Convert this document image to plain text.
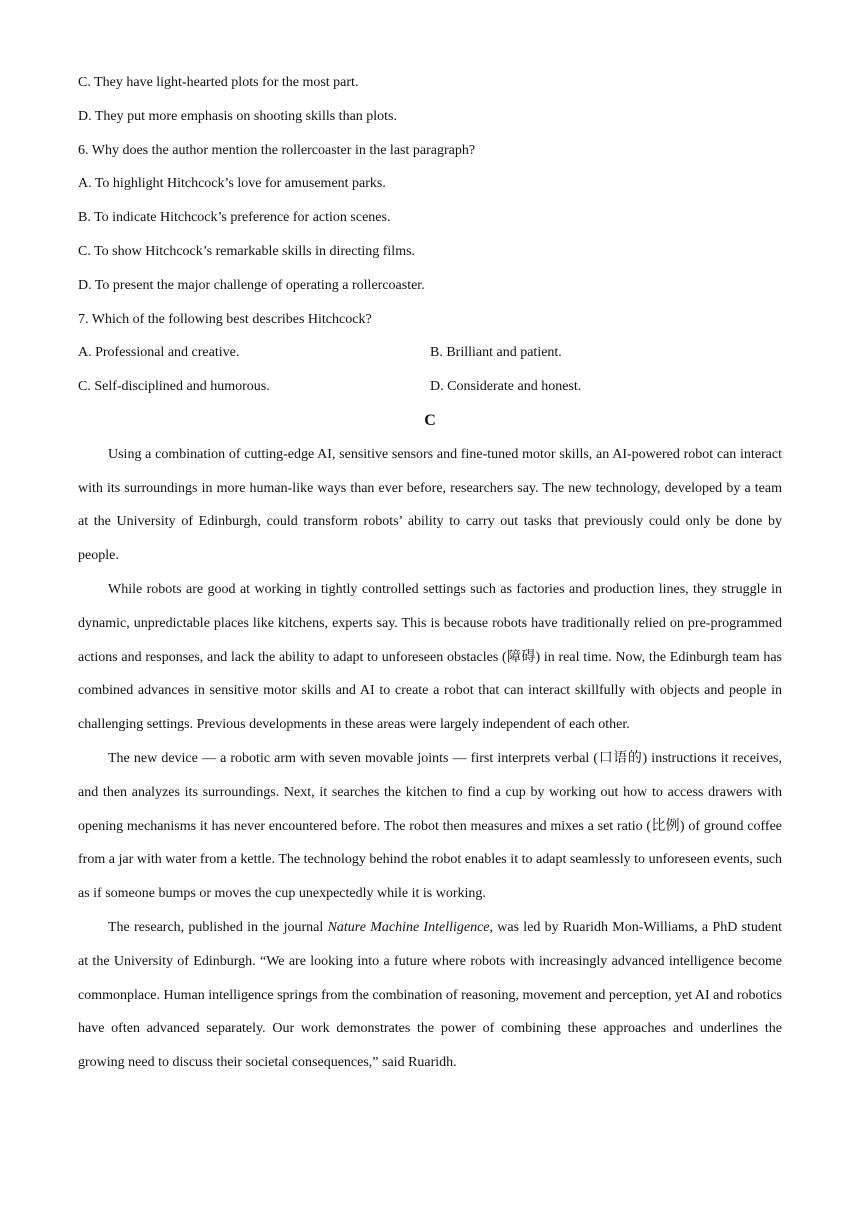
C. They have light-hearted plots for the most part.

D. They put more emphasis on shooting skills than plots.

6. Why does the author mention the rollercoaster in the last paragraph?

A. To highlight Hitchcock’s love for amusement parks.

B. To indicate Hitchcock’s preference for action scenes.

C. To show Hitchcock’s remarkable skills in directing films.

D. To present the major challenge of operating a rollercoaster.

7. Which of the following best describes Hitchcock?

A. Professional and creative.	B. Brilliant and patient.
C. Self-disciplined and humorous.	D. Considerate and honest.

C

Using a combination of cutting-edge AI, sensitive sensors and fine-tuned motor skills, an AI-powered robot can interact with its surroundings in more human-like ways than ever before, researchers say. The new technology, developed by a team at the University of Edinburgh, could transform robots’ ability to carry out tasks that previously could only be done by people.

While robots are good at working in tightly controlled settings such as factories and production lines, they struggle in dynamic, unpredictable places like kitchens, experts say. This is because robots have traditionally relied on pre-programmed actions and responses, and lack the ability to adapt to unforeseen obstacles (障碍) in real time. Now, the Edinburgh team has combined advances in sensitive motor skills and AI to create a robot that can interact skillfully with objects and people in challenging settings. Previous developments in these areas were largely independent of each other.

The new device — a robotic arm with seven movable joints — first interprets verbal (口语的) instructions it receives, and then analyzes its surroundings. Next, it searches the kitchen to find a cup by working out how to access drawers with opening mechanisms it has never encountered before. The robot then measures and mixes a set ratio (比例) of ground coffee from a jar with water from a kettle. The technology behind the robot enables it to adapt seamlessly to unforeseen events, such as if someone bumps or moves the cup unexpectedly while it is working.

The research, published in the journal Nature Machine Intelligence, was led by Ruaridh Mon-Williams, a PhD student at the University of Edinburgh. “We are looking into a future where robots with increasingly advanced intelligence become commonplace. Human intelligence springs from the combination of reasoning, movement and perception, yet AI and robotics have often advanced separately. Our work demonstrates the power of combining these approaches and underlines the growing need to discuss their societal consequences,” said Ruaridh.
